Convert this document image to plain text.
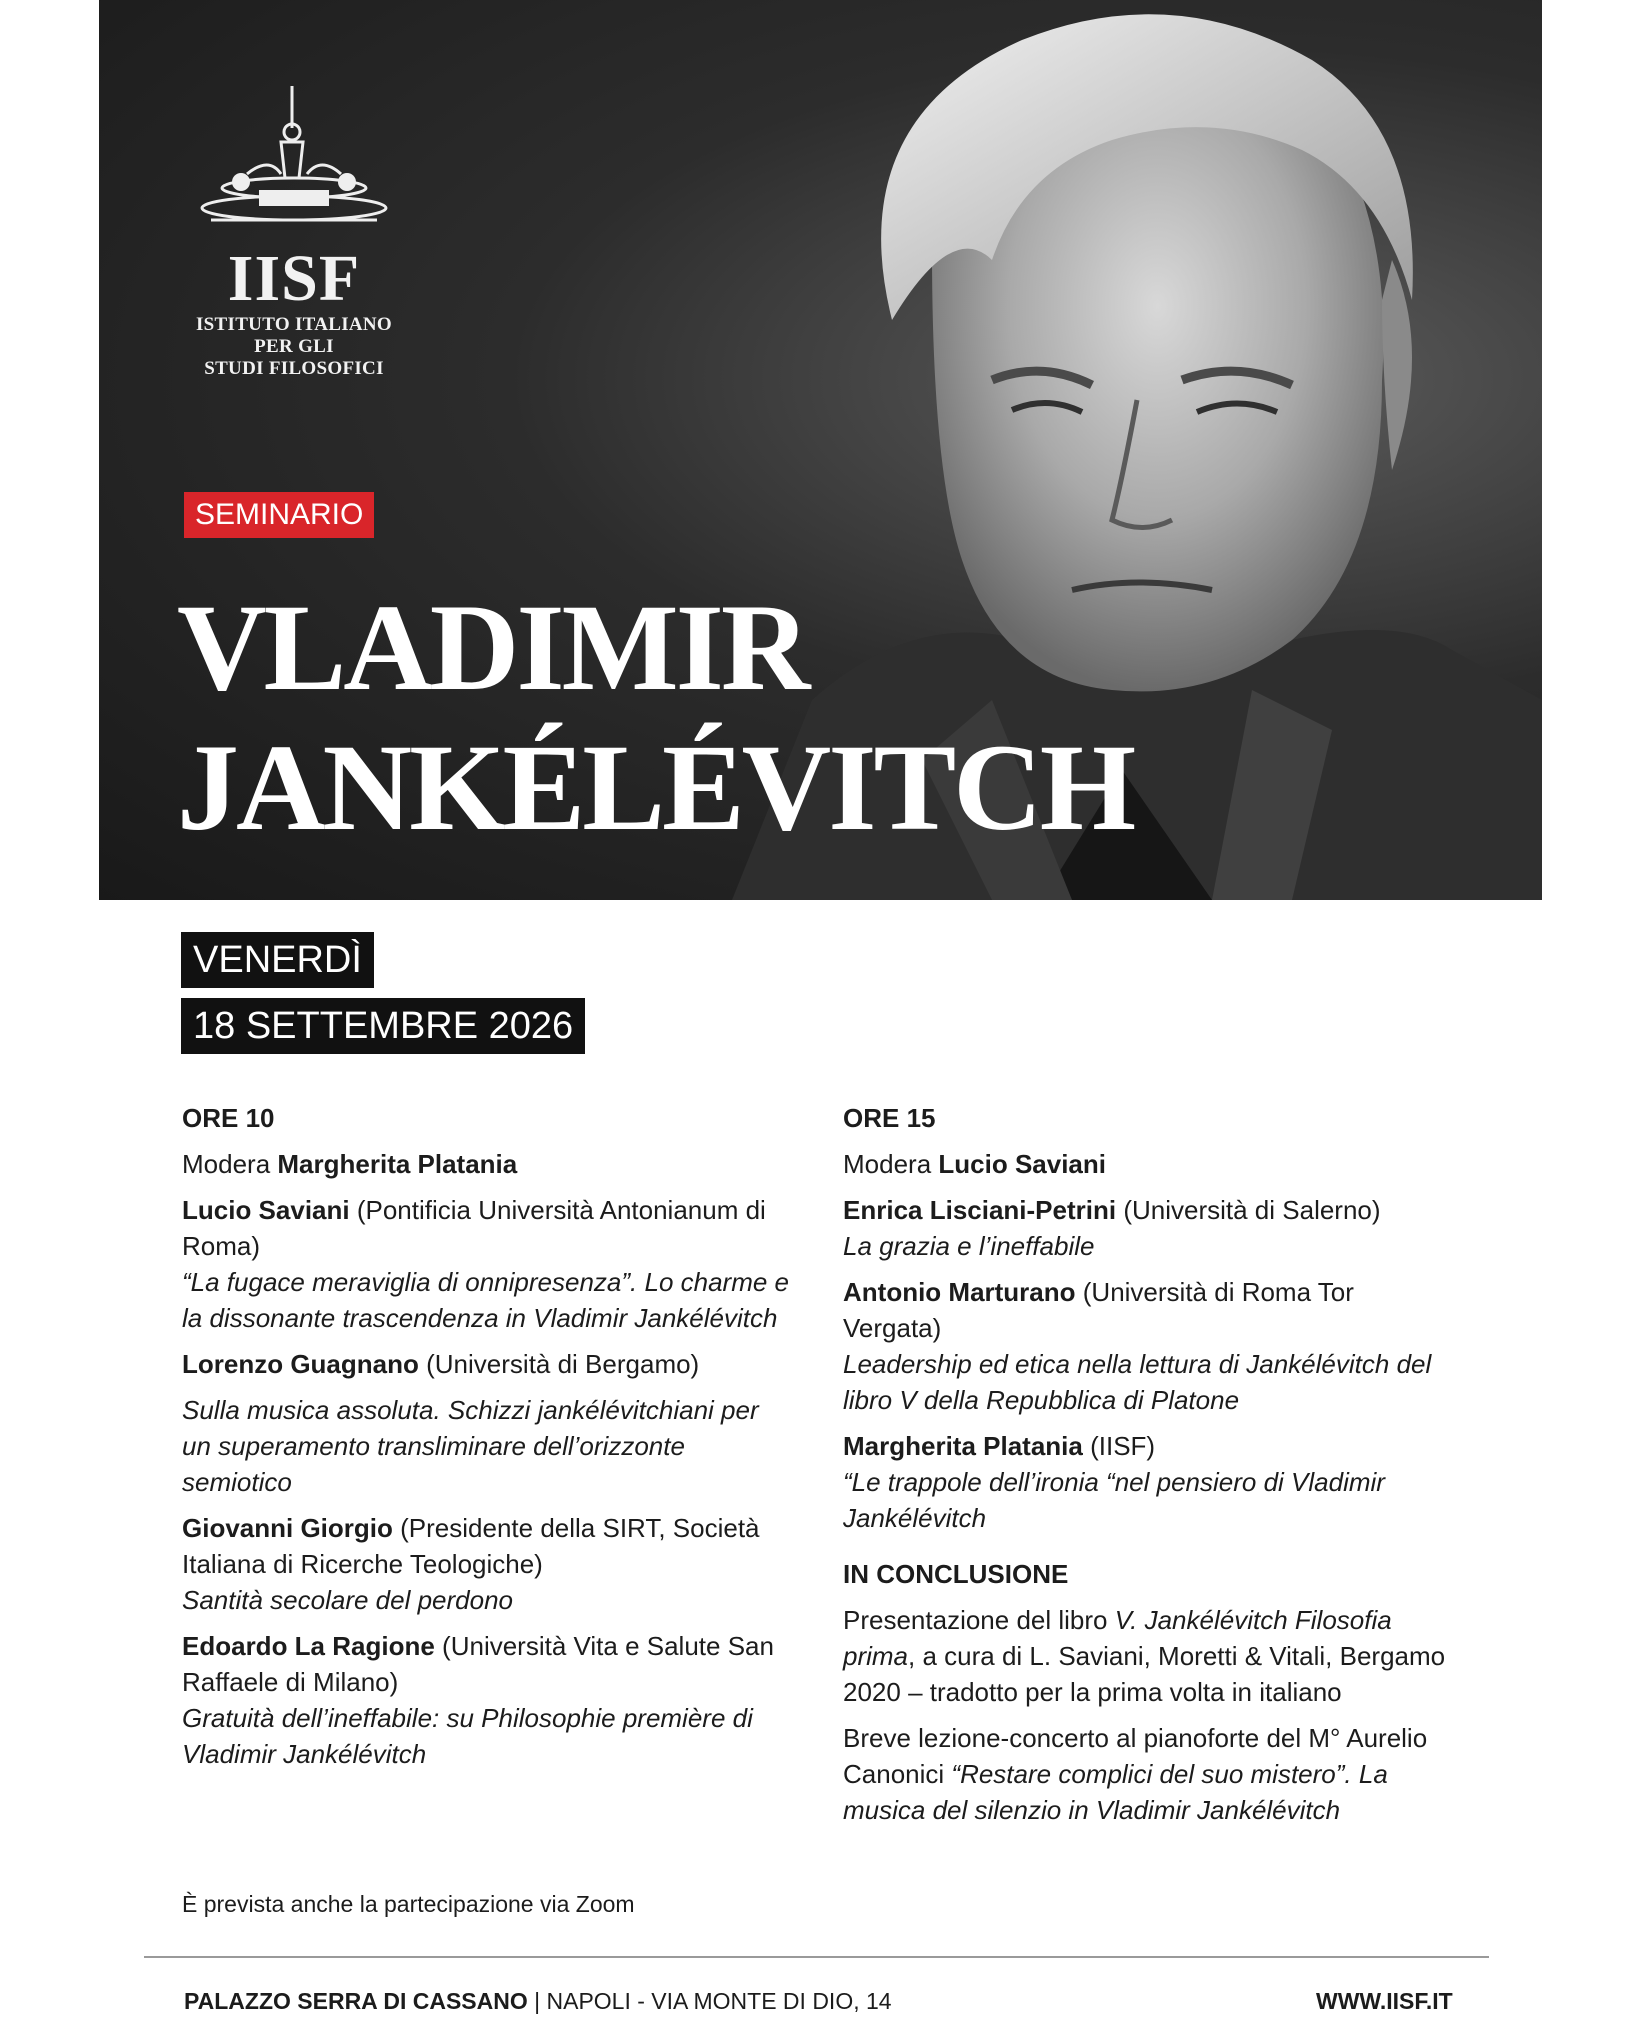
IISF
ISTITUTO ITALIANO
PER GLI
STUDI FILOSOFICI
SEMINARIO
VLADIMIR
JANKÉLÉVITCH
VENERDÌ
18 SETTEMBRE 2026
ORE 10
Modera Margherita Platania
Lucio Saviani (Pontificia Università Antonianum di Roma)
“La fugace meraviglia di onnipresenza”. Lo charme e la dissonante trascendenza in Vladimir Jankélévitch
Lorenzo Guagnano (Università di Bergamo)
Sulla musica assoluta. Schizzi jankélévitchiani per un superamento transliminare dell’orizzonte semiotico
Giovanni Giorgio (Presidente della SIRT, Società Italiana di Ricerche Teologiche)
Santità secolare del perdono
Edoardo La Ragione (Università Vita e Salute San Raffaele di Milano)
Gratuità dell’ineffabile: su Philosophie première di Vladimir Jankélévitch
ORE 15
Modera Lucio Saviani
Enrica Lisciani-Petrini (Università di Salerno)
La grazia e l’ineffabile
Antonio Marturano (Università di Roma Tor Vergata)
Leadership ed etica nella lettura di Jankélévitch del libro V della Repubblica di Platone
Margherita Platania (IISF)
“Le trappole dell’ironia “nel pensiero di Vladimir Jankélévitch
IN CONCLUSIONE
Presentazione del libro V. Jankélévitch Filosofia prima, a cura di L. Saviani, Moretti & Vitali, Bergamo 2020 – tradotto per la prima volta in italiano
Breve lezione-concerto al pianoforte del M° Aurelio Canonici “Restare complici del suo mistero”. La musica del silenzio in Vladimir Jankélévitch
È prevista anche la partecipazione via Zoom
PALAZZO SERRA DI CASSANO | NAPOLI - VIA MONTE DI DIO, 14	WWW.IISF.IT
